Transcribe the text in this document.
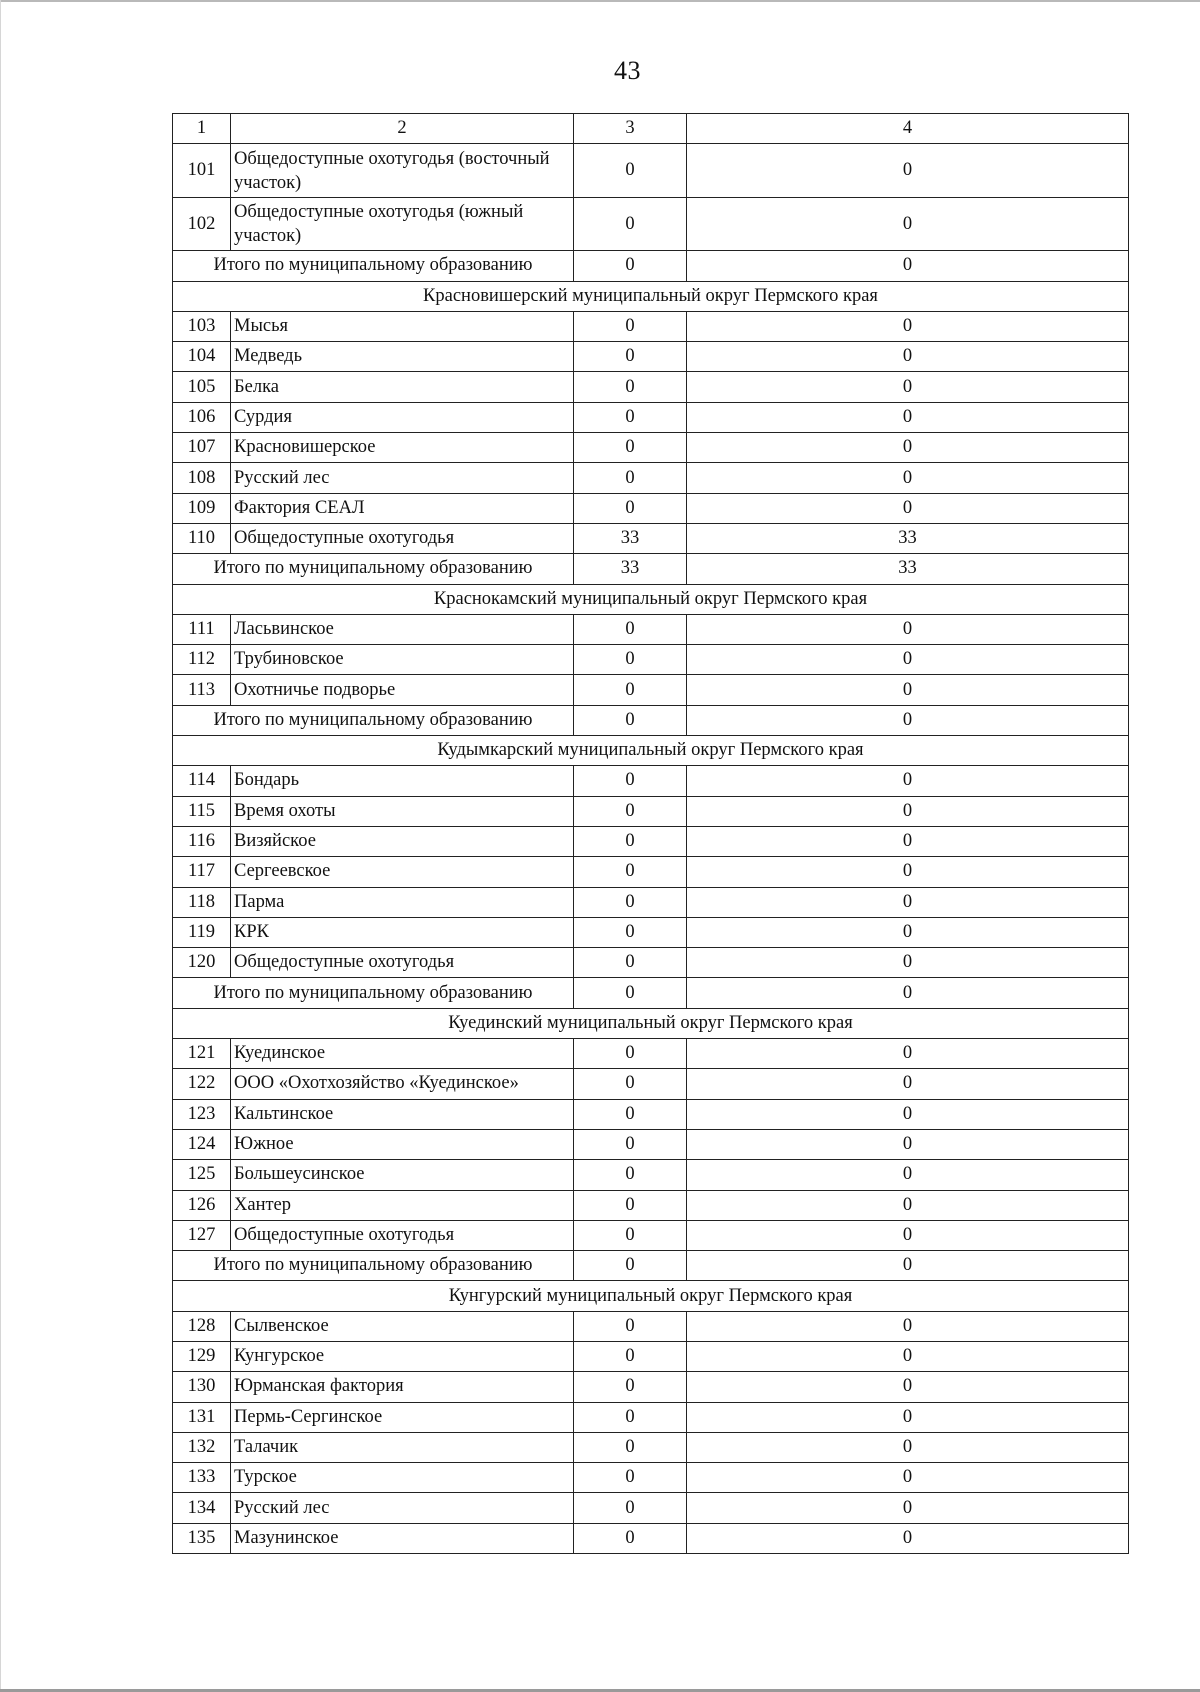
43
1	2	3	4
101	Общедоступные охотугодья (восточный участок)	0	0
102	Общедоступные охотугодья (южный участок)	0	0
Итого по муниципальному образованию		0	0
Красновишерский муниципальный округ Пермского края			
103	Мысья	0	0
104	Медведь	0	0
105	Белка	0	0
106	Сурдия	0	0
107	Красновишерское	0	0
108	Русский лес	0	0
109	Фактория СЕАЛ	0	0
110	Общедоступные охотугодья	33	33
Итого по муниципальному образованию		33	33
Краснокамский муниципальный округ Пермского края			
111	Ласьвинское	0	0
112	Трубиновское	0	0
113	Охотничье подворье	0	0
Итого по муниципальному образованию		0	0
Кудымкарский муниципальный округ Пермского края			
114	Бондарь	0	0
115	Время охоты	0	0
116	Визяйское	0	0
117	Сергеевское	0	0
118	Парма	0	0
119	КРК	0	0
120	Общедоступные охотугодья	0	0
Итого по муниципальному образованию		0	0
Куединский муниципальный округ Пермского края			
121	Куединское	0	0
122	ООО «Охотхозяйство «Куединское»	0	0
123	Кальтинское	0	0
124	Южное	0	0
125	Большеусинское	0	0
126	Хантер	0	0
127	Общедоступные охотугодья	0	0
Итого по муниципальному образованию		0	0
Кунгурский муниципальный округ Пермского края			
128	Сылвенское	0	0
129	Кунгурское	0	0
130	Юрманская фактория	0	0
131	Пермь-Сергинское	0	0
132	Талачик	0	0
133	Турское	0	0
134	Русский лес	0	0
135	Мазунинское	0	0
